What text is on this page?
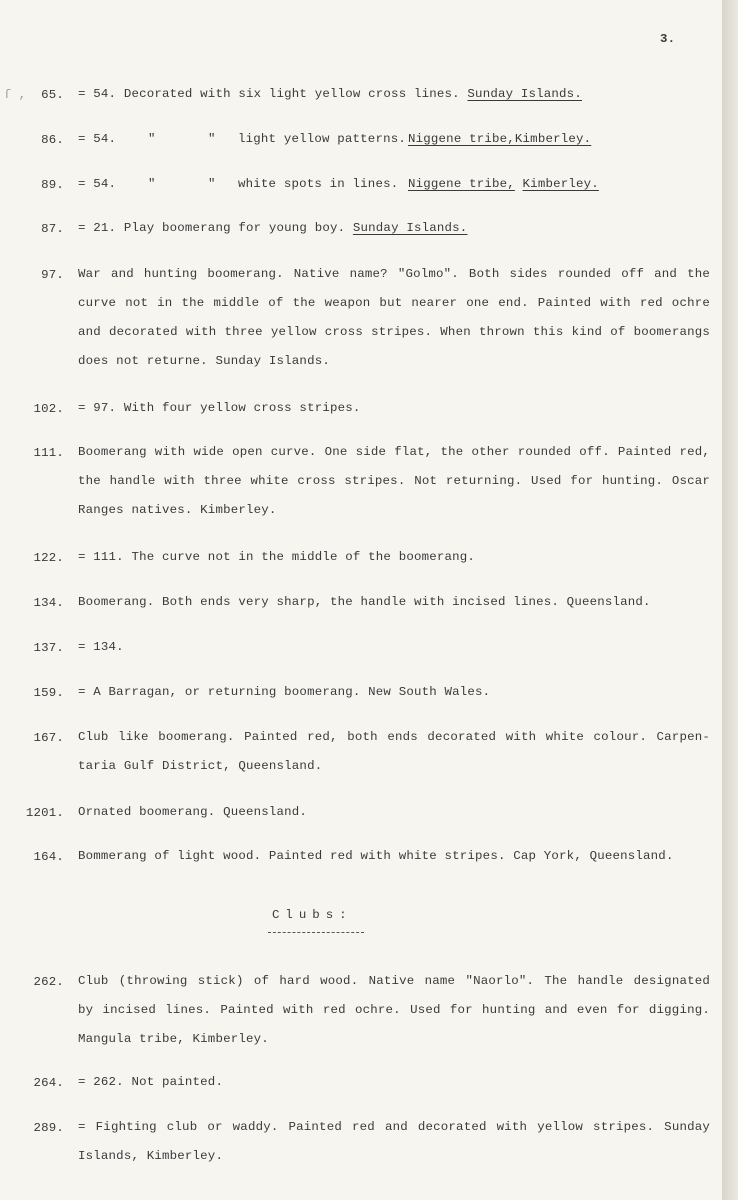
3.
ſ ,	65. = 54. Decorated with six light yellow cross lines. Sunday Islands.
86. = 54.	"	" light yellow patterns. Niggene tribe,Kimberley.
89. = 54.	"	" white spots in lines. Niggene tribe, Kimberley.
87. = 21. Play boomerang for young boy. Sunday Islands.
97. War and hunting boomerang. Native name? "Golmo". Both sides rounded off and the
curve not in the middle of the weapon but nearer one end. Painted with red ochre
and decorated with three yellow cross stripes. When thrown this kind of boomerangs
does not returne. Sunday Islands.
102. = 97. With four yellow cross stripes.
111. Boomerang with wide open curve. One side flat, the other rounded off. Painted red,
the handle with three white cross stripes. Not returning. Used for hunting. Oscar
Ranges natives. Kimberley.
122. = 111. The curve not in the middle of the boomerang.
134. Boomerang. Both ends very sharp, the handle with incised lines. Queensland.
137. = 134.
159. = A Barragan, or returning boomerang. New South Wales.
167. Club like boomerang. Painted red, both ends decorated with white colour. Carpen-
taria Gulf District, Queensland.
1201. Ornated boomerang. Queensland.
164. Bommerang of light wood. Painted red with white stripes. Cap York, Queensland.
Clubs:
262. Club (throwing stick) of hard wood. Native name "Naorlo". The handle designated
by incised lines. Painted with red ochre. Used for hunting and even for digging.
Mangula tribe, Kimberley.
264. = 262. Not painted.
289. = Fighting club or waddy. Painted red and decorated with yellow stripes. Sunday
Islands, Kimberley.
